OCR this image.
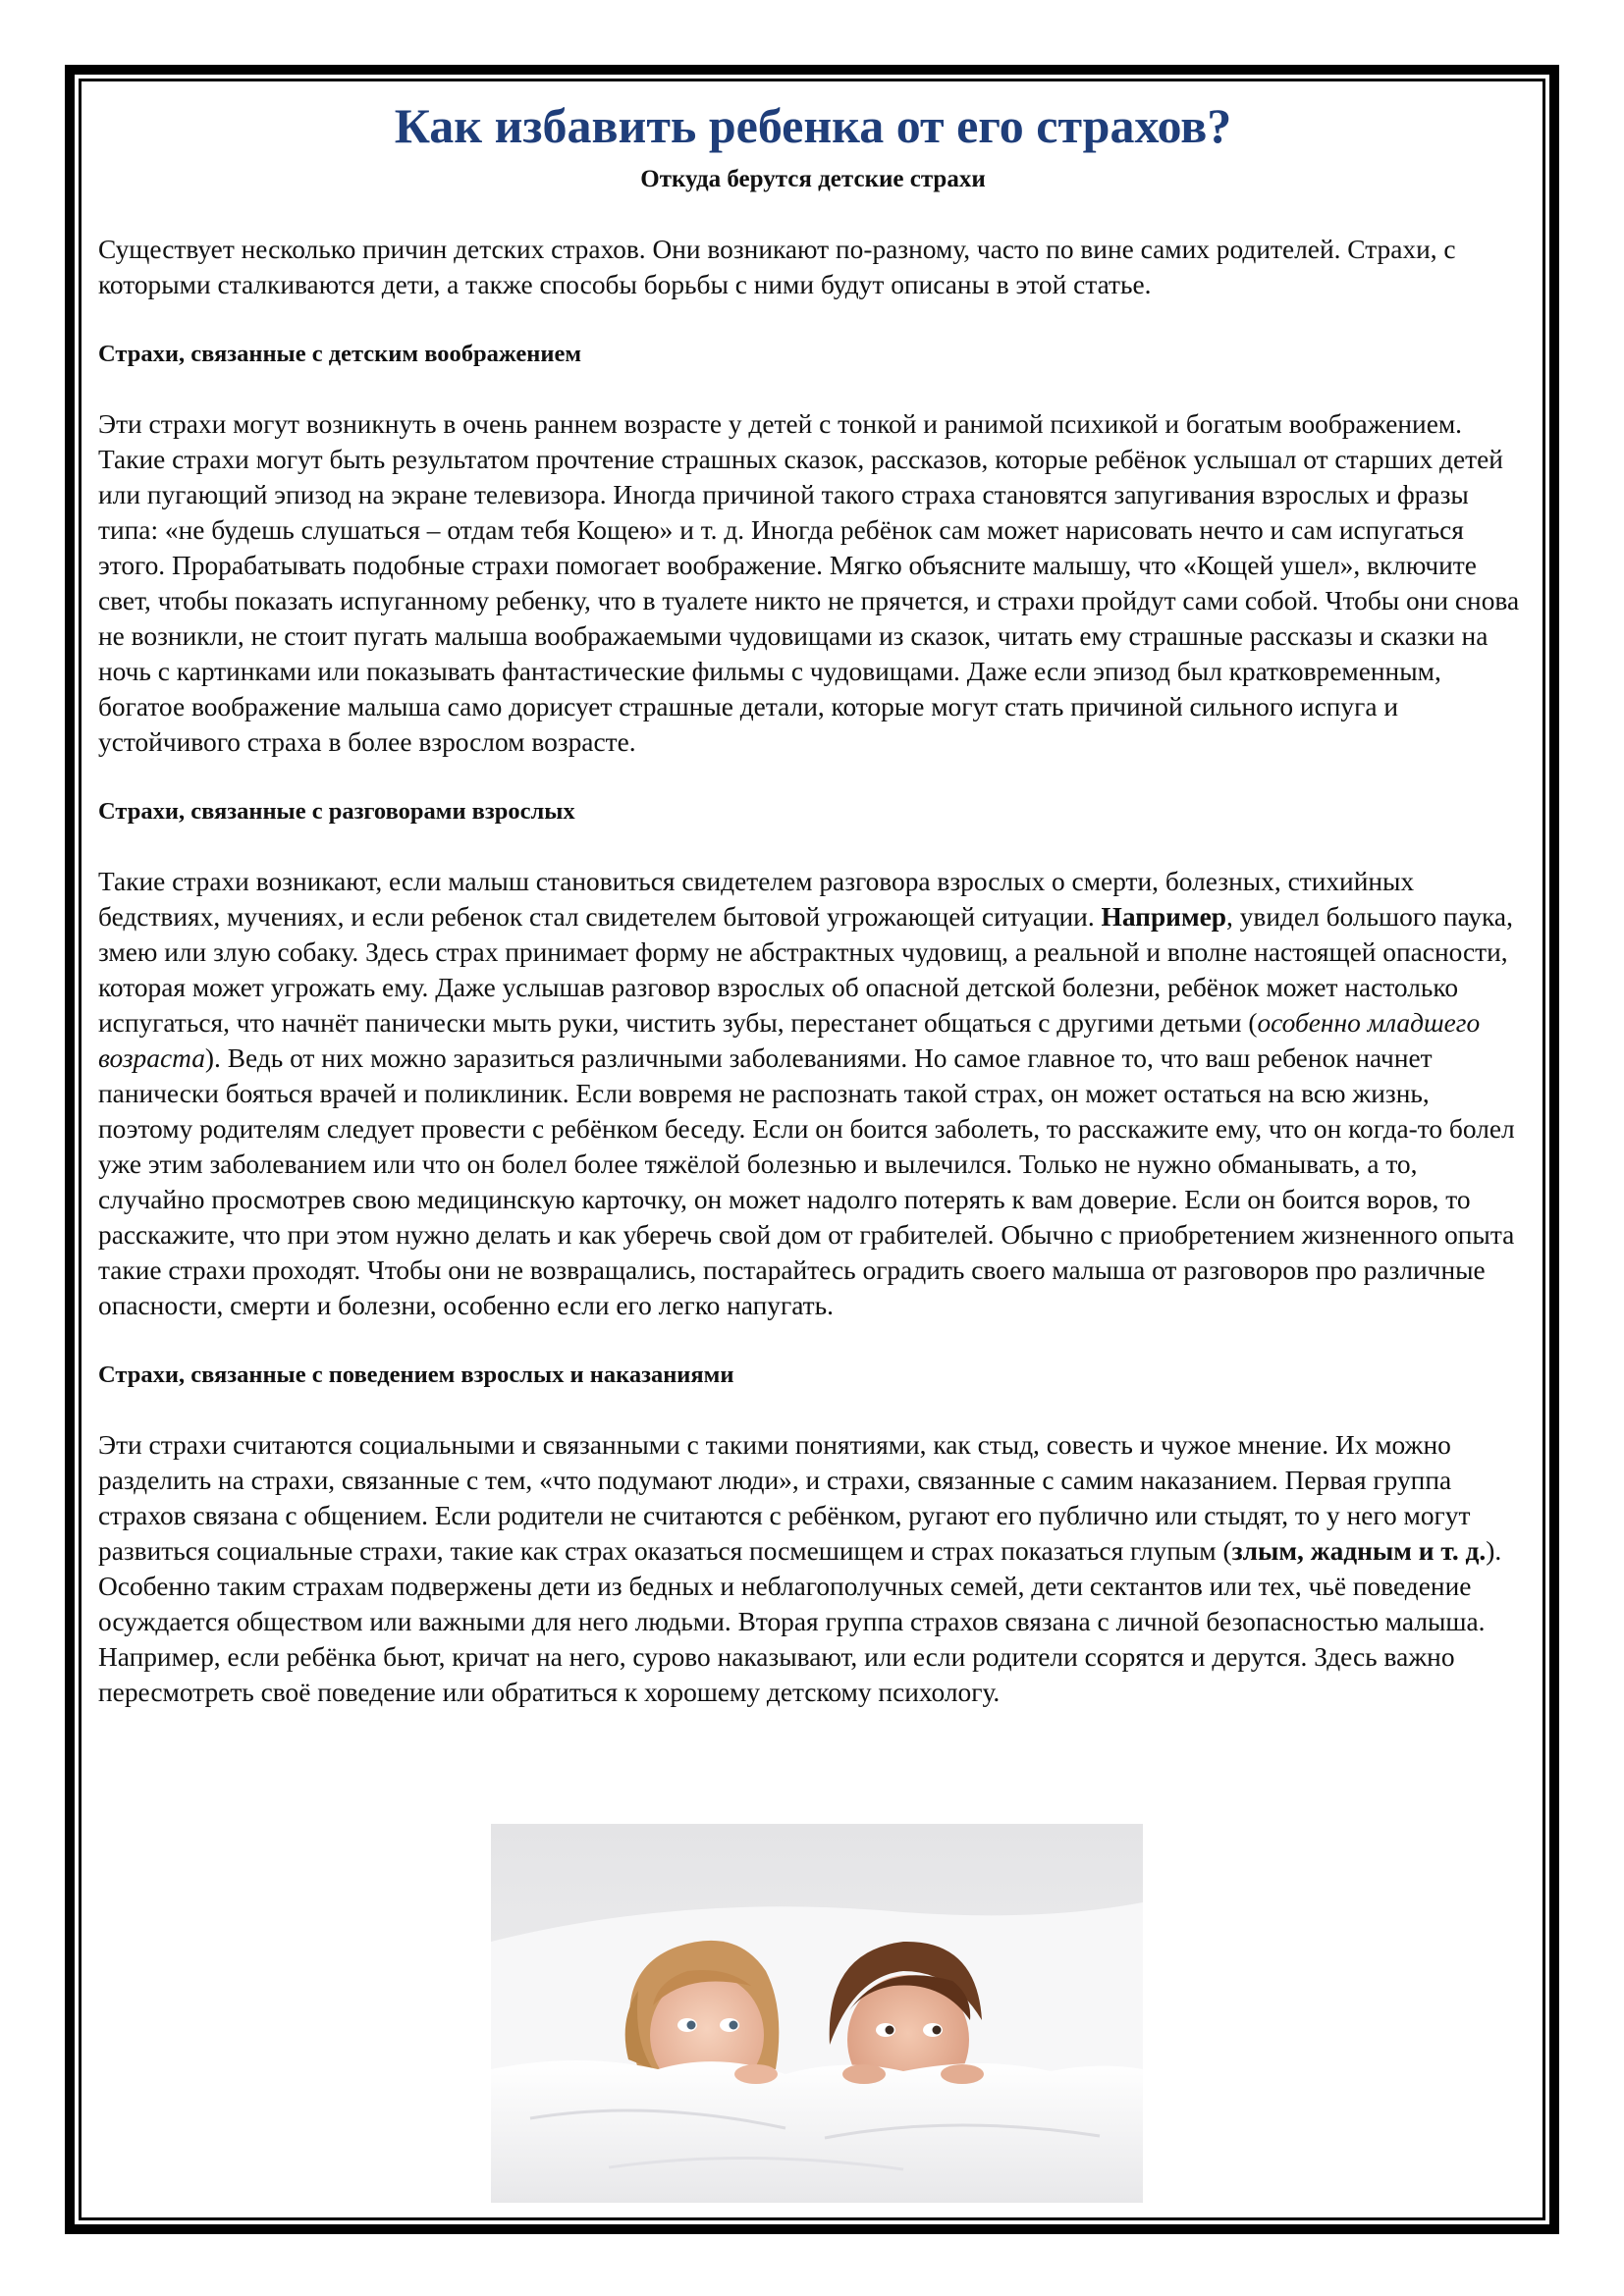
Как избавить ребенка от его страхов?
Откуда берутся детские страхи

Существует несколько причин детских страхов. Они возникают по-разному, часто по вине самих родителей. Страхи, с которыми сталкиваются дети, а также способы борьбы с ними будут описаны в этой статье.

Страхи, связанные с детским воображением

Эти страхи могут возникнуть в очень раннем возрасте у детей с тонкой и ранимой психикой и богатым воображением. Такие страхи могут быть результатом прочтение страшных сказок, рассказов, которые ребёнок услышал от старших детей или пугающий эпизод на экране телевизора. Иногда причиной такого страха становятся запугивания взрослых и фразы типа: «не будешь слушаться – отдам тебя Кощею» и т. д. Иногда ребёнок сам может нарисовать нечто и сам испугаться этого. Прорабатывать подобные страхи помогает воображение. Мягко объясните малышу, что «Кощей ушел», включите свет, чтобы показать испуганному ребенку, что в туалете никто не прячется, и страхи пройдут сами собой. Чтобы они снова не возникли, не стоит пугать малыша воображаемыми чудовищами из сказок, читать ему страшные рассказы и сказки на ночь с картинками или показывать фантастические фильмы с чудовищами. Даже если эпизод был кратковременным, богатое воображение малыша само дорисует страшные детали, которые могут стать причиной сильного испуга и устойчивого страха в более взрослом возрасте.

Страхи, связанные с разговорами взрослых

Такие страхи возникают, если малыш становиться свидетелем разговора взрослых о смерти, болезных, стихийных бедствиях, мучениях, и если ребенок стал свидетелем бытовой угрожающей ситуации. Например, увидел большого паука, змею или злую собаку. Здесь страх принимает форму не абстрактных чудовищ, а реальной и вполне настоящей опасности, которая может угрожать ему. Даже услышав разговор взрослых об опасной детской болезни, ребёнок может настолько испугаться, что начнёт панически мыть руки, чистить зубы, перестанет общаться с другими детьми (особенно младшего возраста). Ведь от них можно заразиться различными заболеваниями. Но самое главное то, что ваш ребенок начнет панически бояться врачей и поликлиник. Если вовремя не распознать такой страх, он может остаться на всю жизнь, поэтому родителям следует провести с ребёнком беседу. Если он боится заболеть, то расскажите ему, что он когда-то болел уже этим заболеванием или что он болел более тяжёлой болезнью и вылечился. Только не нужно обманывать, а то, случайно просмотрев свою медицинскую карточку, он может надолго потерять к вам доверие. Если он боится воров, то расскажите, что при этом нужно делать и как уберечь свой дом от грабителей. Обычно с приобретением жизненного опыта такие страхи проходят. Чтобы они не возвращались, постарайтесь оградить своего малыша от разговоров про различные опасности, смерти и болезни, особенно если его легко напугать.

Страхи, связанные с поведением взрослых и наказаниями

Эти страхи считаются социальными и связанными с такими понятиями, как стыд, совесть и чужое мнение. Их можно разделить на страхи, связанные с тем, «что подумают люди», и страхи, связанные с самим наказанием. Первая группа страхов связана с общением. Если родители не считаются с ребёнком, ругают его публично или стыдят, то у него могут развиться социальные страхи, такие как страх оказаться посмешищем и страх показаться глупым (злым, жадным и т. д.). Особенно таким страхам подвержены дети из бедных и неблагополучных семей, дети сектантов или тех, чьё поведение осуждается обществом или важными для него людьми. Вторая группа страхов связана с личной безопасностью малыша. Например, если ребёнка бьют, кричат на него, сурово наказывают, или если родители ссорятся и дерутся. Здесь важно пересмотреть своё поведение или обратиться к хорошему детскому психологу.
